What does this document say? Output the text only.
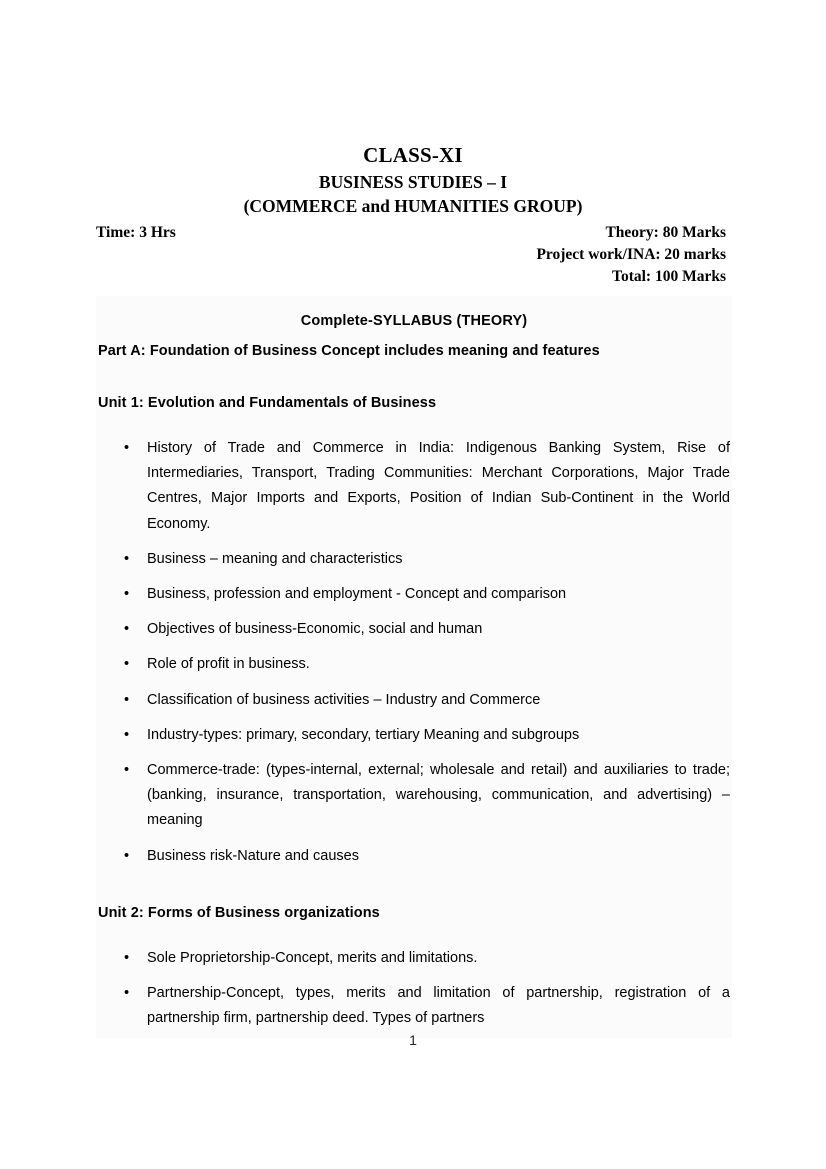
CLASS-XI
BUSINESS STUDIES – I
(COMMERCE and HUMANITIES GROUP)
Time: 3 Hrs	Theory: 80 Marks
Project work/INA: 20 marks
Total: 100 Marks
Complete-SYLLABUS (THEORY)
Part A: Foundation of Business Concept includes meaning and features
Unit 1: Evolution and Fundamentals of Business
• History of Trade and Commerce in India: Indigenous Banking System, Rise of Intermediaries, Transport, Trading Communities: Merchant Corporations, Major Trade Centres, Major Imports and Exports, Position of Indian Sub-Continent in the World Economy.
• Business – meaning and characteristics
• Business, profession and employment - Concept and comparison
• Objectives of business-Economic, social and human
• Role of profit in business.
• Classification of business activities – Industry and Commerce
• Industry-types: primary, secondary, tertiary Meaning and subgroups
• Commerce-trade: (types-internal, external; wholesale and retail) and auxiliaries to trade; (banking, insurance, transportation, warehousing, communication, and advertising) – meaning
• Business risk-Nature and causes
Unit 2: Forms of Business organizations
• Sole Proprietorship-Concept, merits and limitations.
• Partnership-Concept, types, merits and limitation of partnership, registration of a partnership firm, partnership deed. Types of partners
1
